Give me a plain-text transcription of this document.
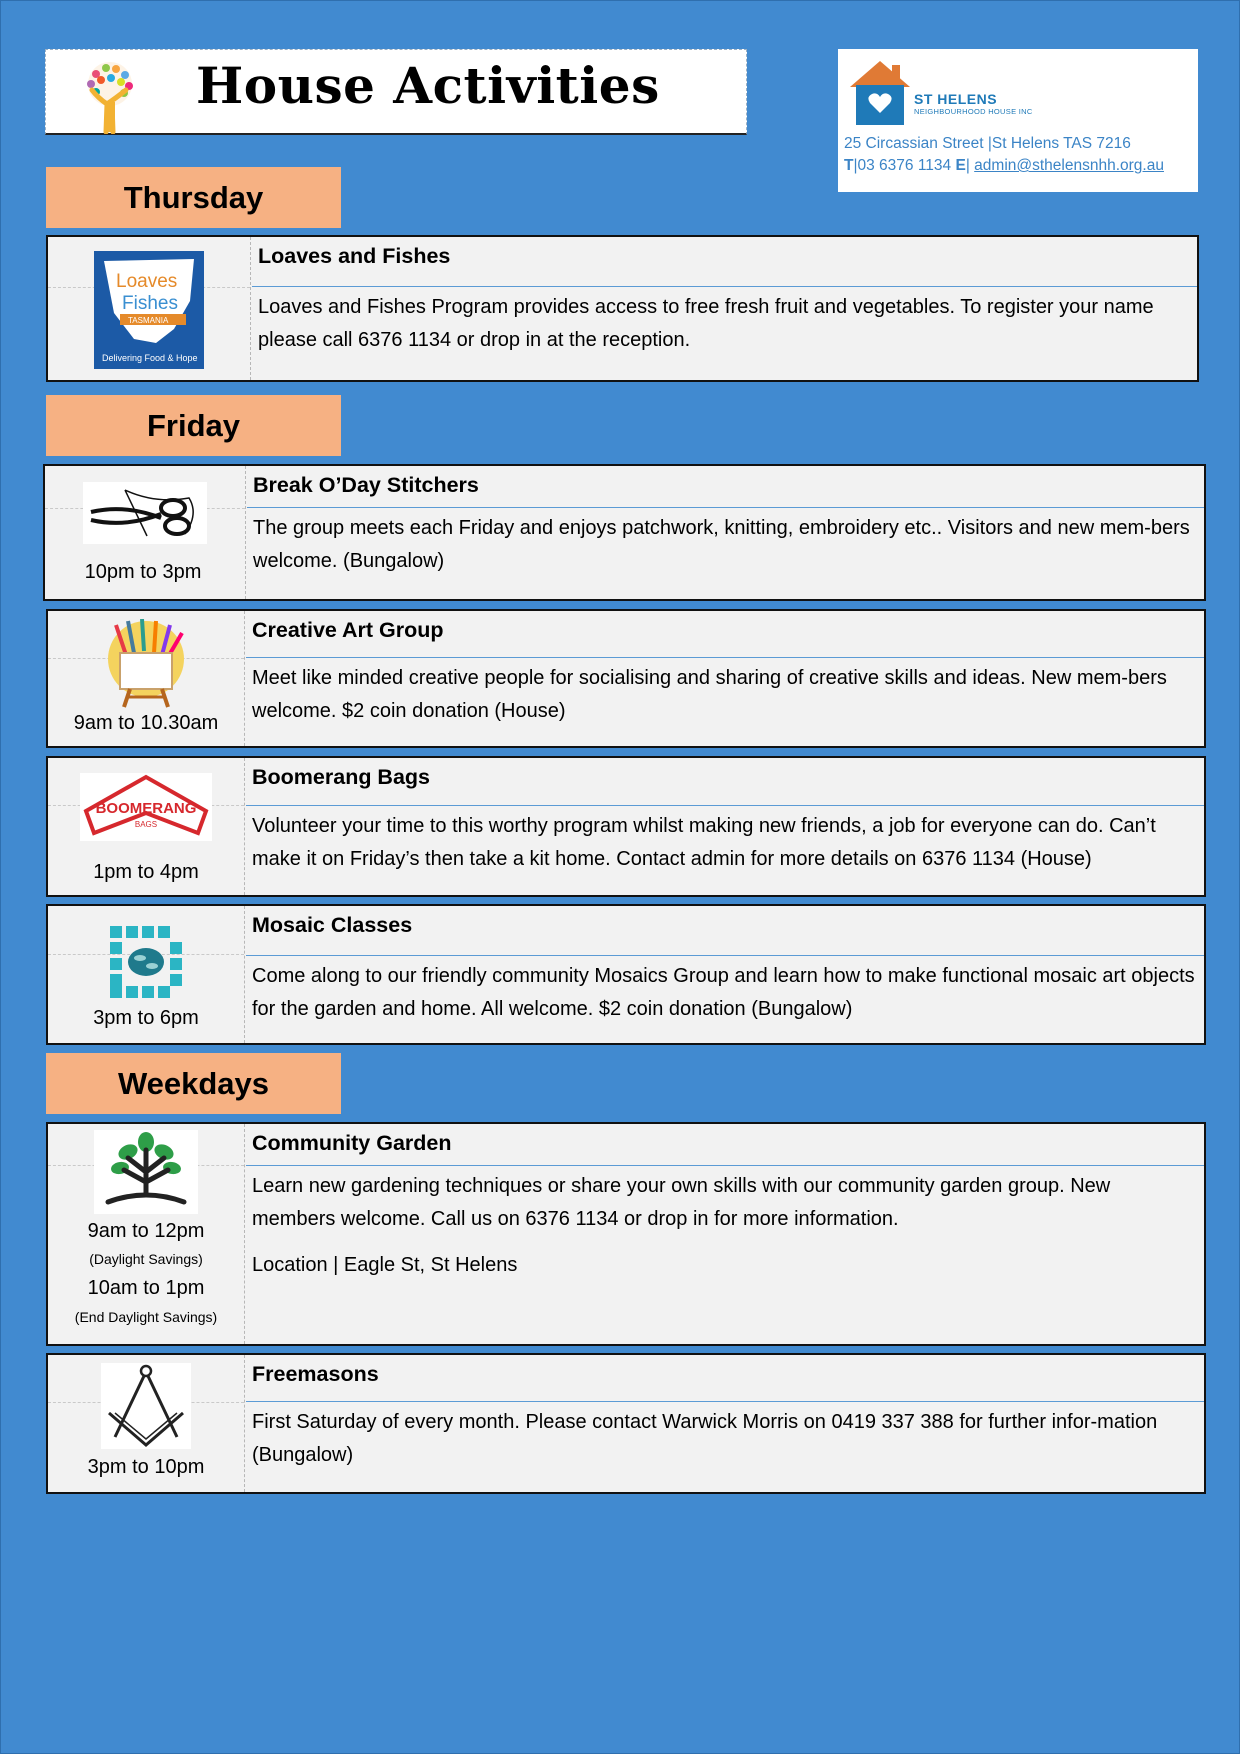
House Activities	ST HELENS
NEIGHBOURHOOD HOUSE INC
25 Circassian Street |St Helens TAS 7216
T|03 6376 1134 E| admin@sthelensnhh.org.au
Thursday
Loaves
Fishes
TASMANIA
Delivering Food & Hope
Loaves and Fishes
Loaves and Fishes Program provides access to free fresh fruit and vegetables. To register your name please call 6376 1134 or drop in at the reception.
Friday
10pm to 3pm
Break O’Day Stitchers
The group meets each Friday and enjoys patchwork, knitting, embroidery etc.. Visitors and new mem-bers welcome. (Bungalow)
9am to 10.30am
Creative Art Group
Meet like minded creative people for socialising and sharing of creative skills and ideas. New mem-bers welcome. $2 coin donation (House)
BOOMERANG
BAGS
1pm to 4pm
Boomerang Bags
Volunteer your time to this worthy program whilst making new friends, a job for everyone can do. Can’t make it on Friday’s then take a kit home. Contact admin for more details on 6376 1134 (House)
3pm to 6pm
Mosaic Classes
Come along to our friendly community Mosaics Group and learn how to make functional mosaic art objects for the garden and home. All welcome. $2 coin donation (Bungalow)
Weekdays
9am to 12pm
(Daylight Savings)
10am to 1pm
(End Daylight Savings)
Community Garden
Learn new gardening techniques or share your own skills with our community garden group. New members welcome. Call us on 6376 1134 or drop in for more information.
Location | Eagle St, St Helens
3pm to 10pm
Freemasons
First Saturday of every month. Please contact Warwick Morris on 0419 337 388 for further infor-mation (Bungalow)
